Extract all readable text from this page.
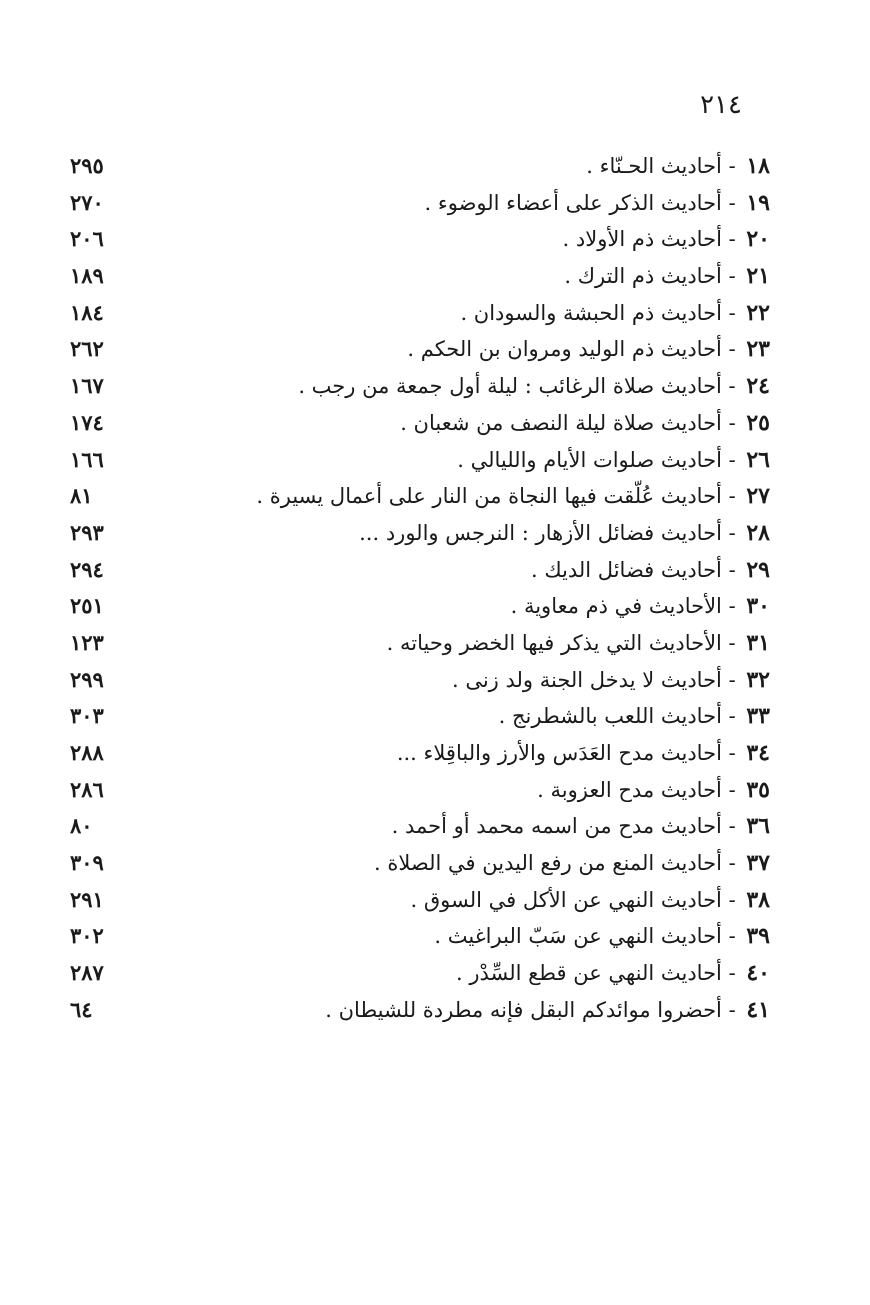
٢١٤
١٨ - أحاديث الحـنّاء .
٢٩٥
١٩ - أحاديث الذكر على أعضاء الوضوء .
٢٧٠
٢٠ - أحاديث ذم الأولاد .
٢٠٦
٢١ - أحاديث ذم الترك .
١٨٩
٢٢ - أحاديث ذم الحبشة والسودان .
١٨٤
٢٣ - أحاديث ذم الوليد ومروان بن الحكم .
٢٦٢
٢٤ - أحاديث صلاة الرغائب : ليلة أول جمعة من رجب .
١٦٧
٢٥ - أحاديث صلاة ليلة النصف من شعبان .
١٧٤
٢٦ - أحاديث صلوات الأيام والليالي .
١٦٦
٢٧ - أحاديث عُلّقت فيها النجاة من النار على أعمال يسيرة .
٨١
٢٨ - أحاديث فضائل الأزهار : النرجس والورد ...
٢٩٣
٢٩ - أحاديث فضائل الديك .
٢٩٤
٣٠ - الأحاديث في ذم معاوية .
٢٥١
٣١ - الأحاديث التي يذكر فيها الخضر وحياته .
١٢٣
٣٢ - أحاديث لا يدخل الجنة ولد زنى .
٢٩٩
٣٣ - أحاديث اللعب بالشطرنج .
٣٠٣
٣٤ - أحاديث مدح العَدَس والأرز والباقِلاء ...
٢٨٨
٣٥ - أحاديث مدح العزوبة .
٢٨٦
٣٦ - أحاديث مدح من اسمه محمد أو أحمد .
٨٠
٣٧ - أحاديث المنع من رفع اليدين في الصلاة .
٣٠٩
٣٨ - أحاديث النهي عن الأكل في السوق .
٢٩١
٣٩ - أحاديث النهي عن سَبّ البراغيث .
٣٠٢
٤٠ - أحاديث النهي عن قطع السِّدْر .
٢٨٧
٤١ - أحضروا موائدكم البقل فإنه مطردة للشيطان .
٦٤
